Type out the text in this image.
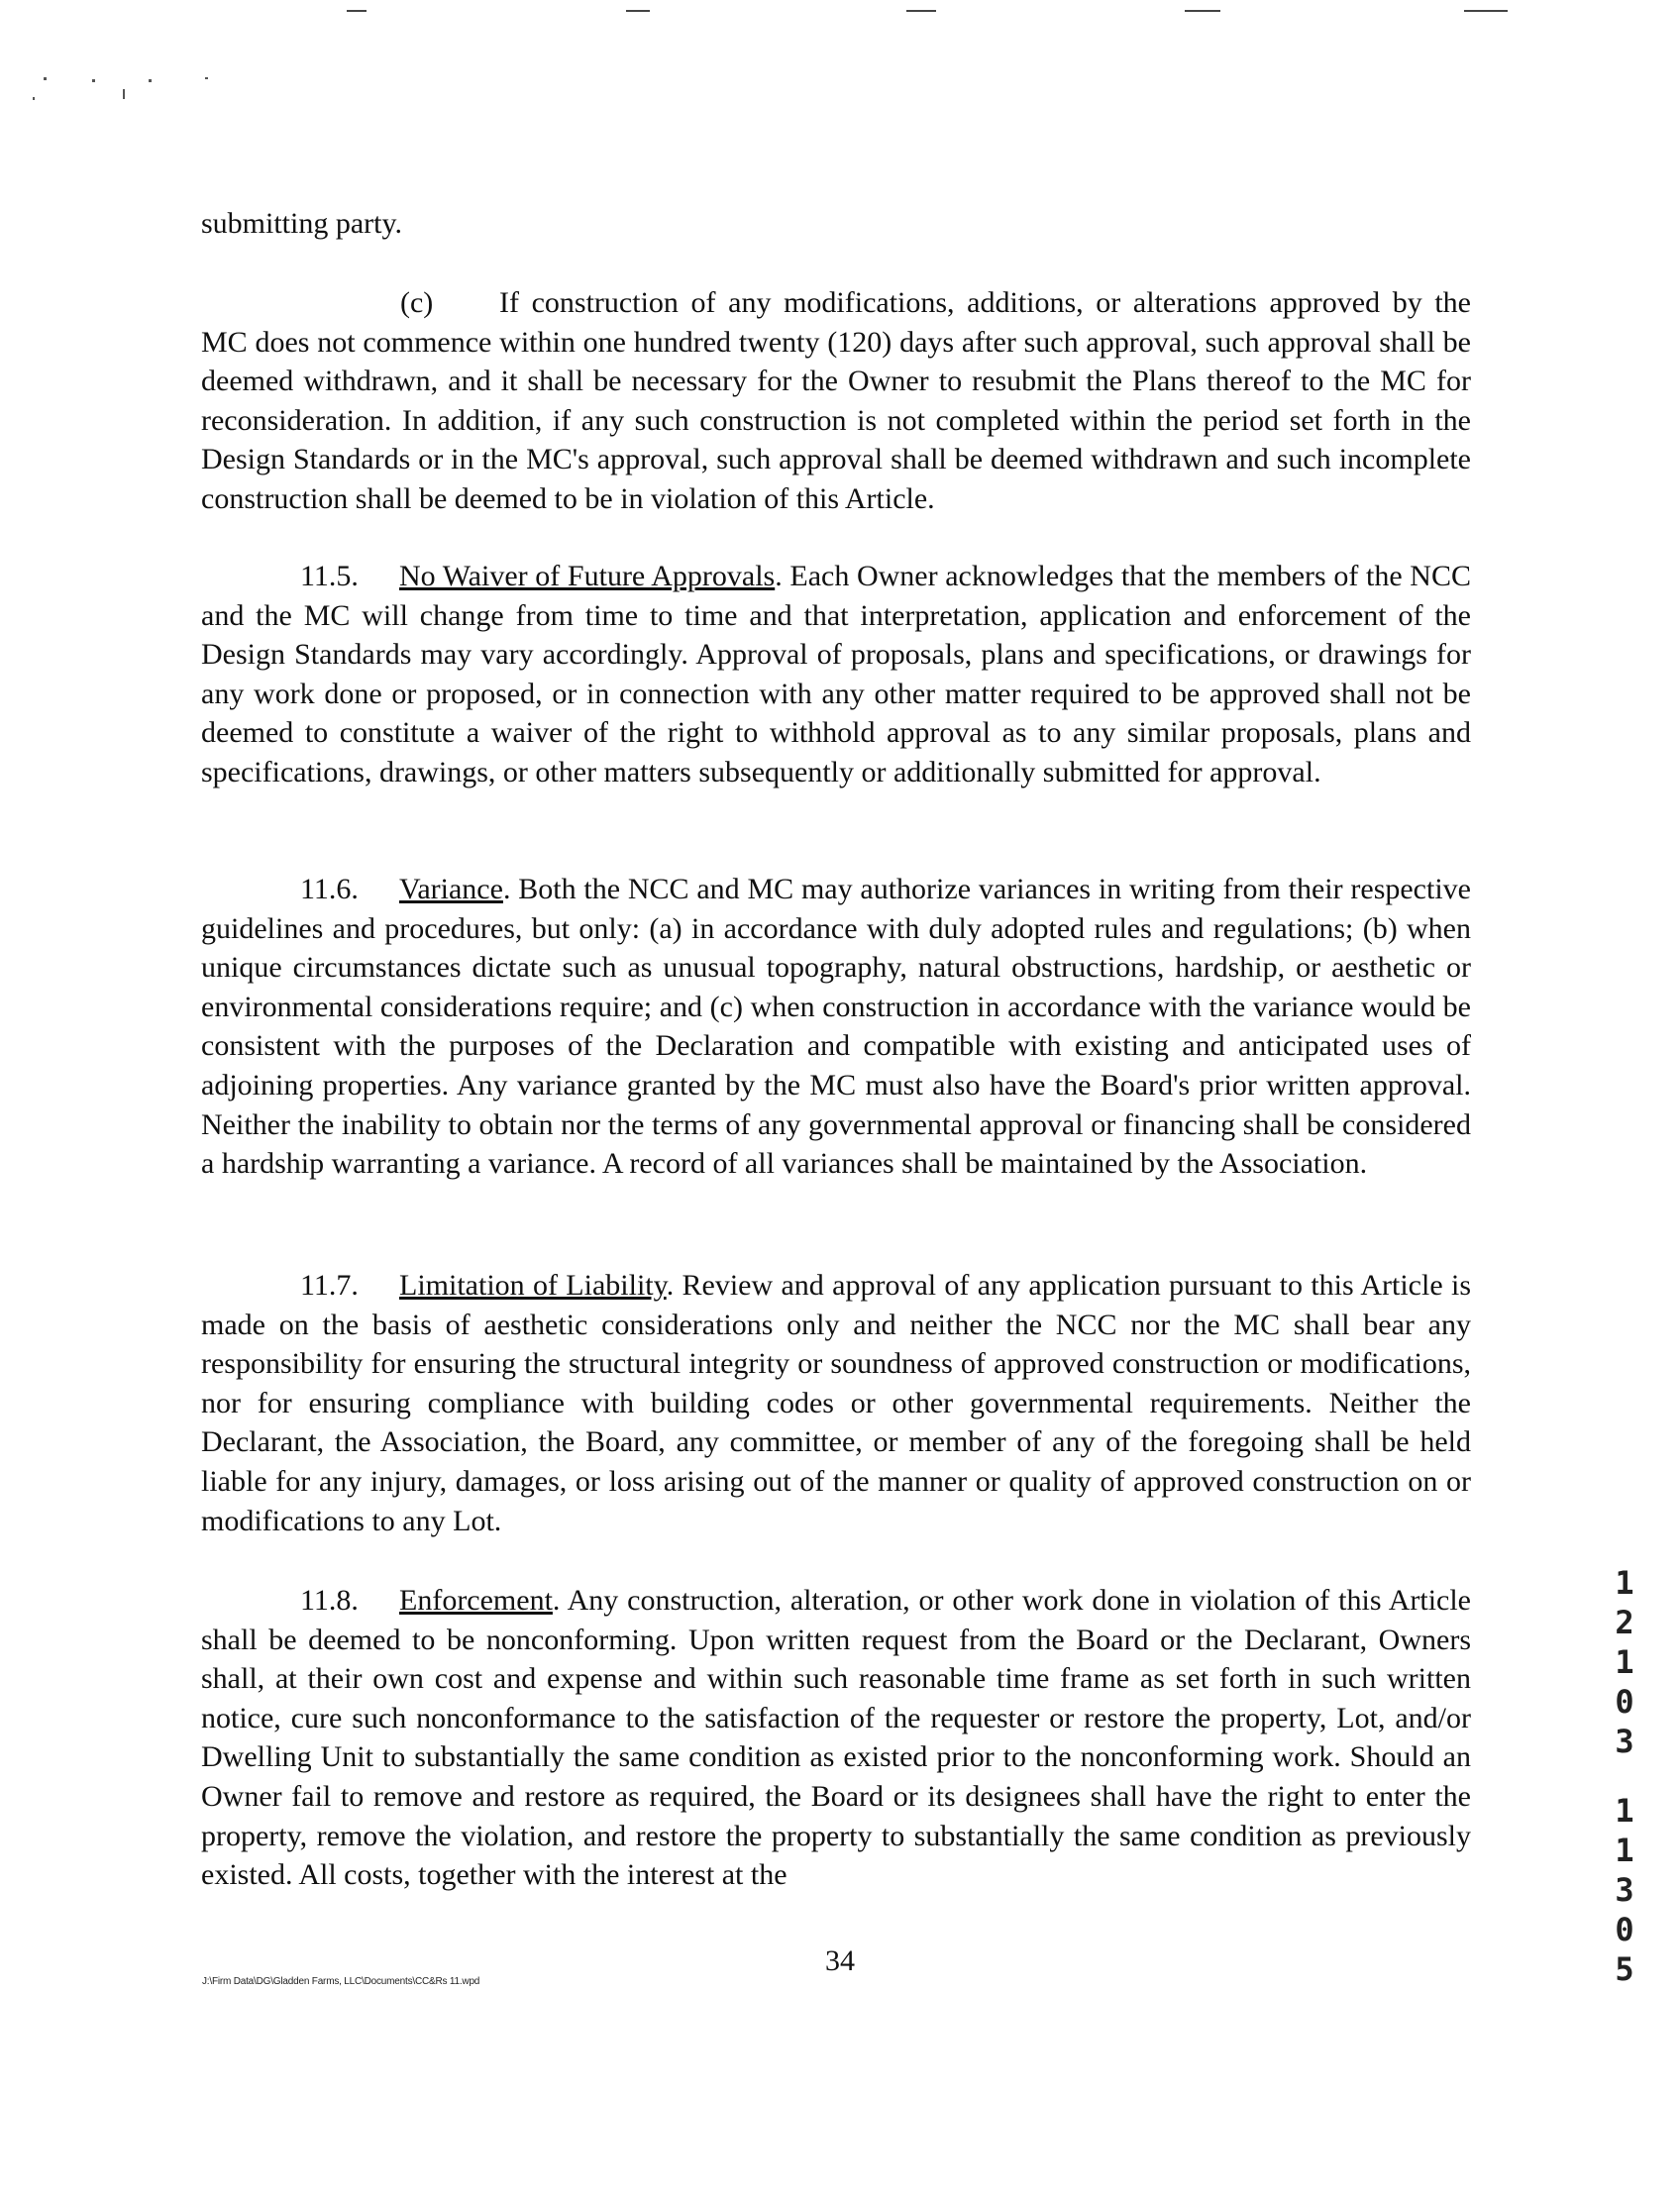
submitting party.

(c) If construction of any modifications, additions, or alterations approved by the MC does not commence within one hundred twenty (120) days after such approval, such approval shall be deemed withdrawn, and it shall be necessary for the Owner to resubmit the Plans thereof to the MC for reconsideration. In addition, if any such construction is not completed within the period set forth in the Design Standards or in the MC's approval, such approval shall be deemed withdrawn and such incomplete construction shall be deemed to be in violation of this Article.

11.5. No Waiver of Future Approvals. Each Owner acknowledges that the members of the NCC and the MC will change from time to time and that interpretation, application and enforcement of the Design Standards may vary accordingly. Approval of proposals, plans and specifications, or drawings for any work done or proposed, or in connection with any other matter required to be approved shall not be deemed to constitute a waiver of the right to withhold approval as to any similar proposals, plans and specifications, drawings, or other matters subsequently or additionally submitted for approval.

11.6. Variance. Both the NCC and MC may authorize variances in writing from their respective guidelines and procedures, but only: (a) in accordance with duly adopted rules and regulations; (b) when unique circumstances dictate such as unusual topography, natural obstructions, hardship, or aesthetic or environmental considerations require; and (c) when construction in accordance with the variance would be consistent with the purposes of the Declaration and compatible with existing and anticipated uses of adjoining properties. Any variance granted by the MC must also have the Board's prior written approval. Neither the inability to obtain nor the terms of any governmental approval or financing shall be considered a hardship warranting a variance. A record of all variances shall be maintained by the Association.

11.7. Limitation of Liability. Review and approval of any application pursuant to this Article is made on the basis of aesthetic considerations only and neither the NCC nor the MC shall bear any responsibility for ensuring the structural integrity or soundness of approved construction or modifications, nor for ensuring compliance with building codes or other governmental requirements. Neither the Declarant, the Association, the Board, any committee, or member of any of the foregoing shall be held liable for any injury, damages, or loss arising out of the manner or quality of approved construction on or modifications to any Lot.

11.8. Enforcement. Any construction, alteration, or other work done in violation of this Article shall be deemed to be nonconforming. Upon written request from the Board or the Declarant, Owners shall, at their own cost and expense and within such reasonable time frame as set forth in such written notice, cure such nonconformance to the satisfaction of the requester or restore the property, Lot, and/or Dwelling Unit to substantially the same condition as existed prior to the nonconforming work. Should an Owner fail to remove and restore as required, the Board or its designees shall have the right to enter the property, remove the violation, and restore the property to substantially the same condition as previously existed. All costs, together with the interest at the

1
2
1
0
3
1
1
3
0
5
34
J:\Firm Data\DG\Gladden Farms, LLC\Documents\CC&Rs 11.wpd
